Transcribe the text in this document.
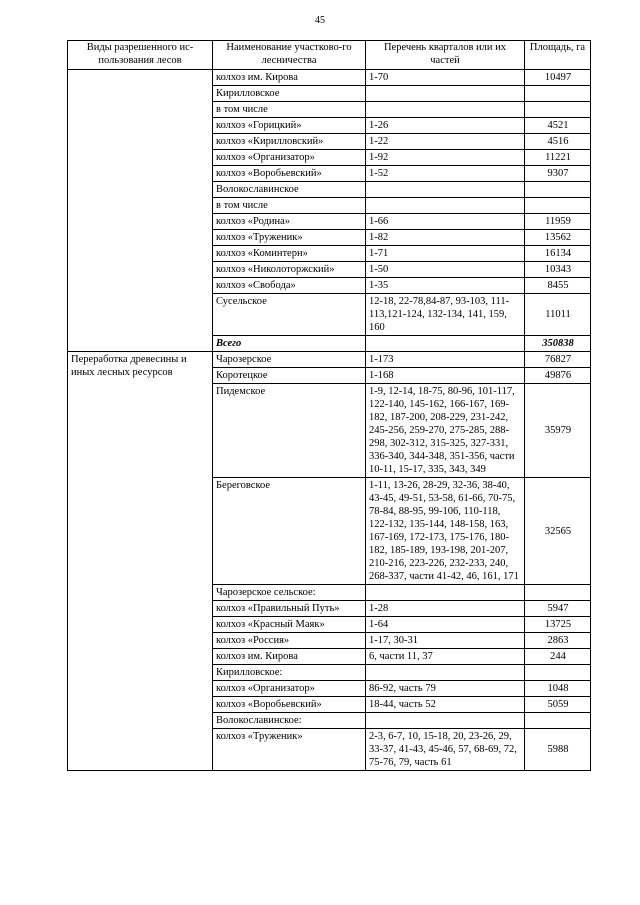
45
Виды разрешенного ис-пользования лесов	Наименование участково-го лесничества	Перечень кварталов или их частей	Площадь, га
	колхоз им. Кирова	1-70	10497
	Кирилловское		
	в том числе		
	колхоз «Горицкий»	1-26	4521
	колхоз «Кирилловский»	1-22	4516
	колхоз «Организатор»	1-92	11221
	колхоз «Воробьевский»	1-52	9307
	Волокославинское		
	в том числе		
	колхоз «Родина»	1-66	11959
	колхоз «Труженик»	1-82	13562
	колхоз «Коминтерн»	1-71	16134
	колхоз «Николоторжский»	1-50	10343
	колхоз «Свобода»	1-35	8455
	Сусельское	12-18, 22-78,84-87, 93-103, 111-113,121-124, 132-134, 141, 159, 160	11011
	Всего		350838
Переработка древесины и иных лесных ресурсов	Чарозерское	1-173	76827
	Коротецкое	1-168	49876
	Пидемское	1-9, 12-14, 18-75, 80-96, 101-117, 122-140, 145-162, 166-167, 169-182, 187-200, 208-229, 231-242, 245-256, 259-270, 275-285, 288-298, 302-312, 315-325, 327-331, 336-340, 344-348, 351-356, части 10-11, 15-17, 335, 343, 349	35979
	Береговское	1-11, 13-26, 28-29, 32-36, 38-40, 43-45, 49-51, 53-58, 61-66, 70-75, 78-84, 88-95, 99-106, 110-118, 122-132, 135-144, 148-158, 163, 167-169, 172-173, 175-176, 180-182, 185-189, 193-198, 201-207, 210-216, 223-226, 232-233, 240, 268-337, части 41-42, 46, 161, 171	32565
	Чарозерское сельское:		
	колхоз «Правильный Путь»	1-28	5947
	колхоз «Красный Маяк»	1-64	13725
	колхоз «Россия»	1-17, 30-31	2863
	колхоз им. Кирова	6, части 11, 37	244
	Кирилловское:		
	колхоз «Организатор»	86-92, часть 79	1048
	колхоз «Воробьевский»	18-44, часть 52	5059
	Волокославинское:		
	колхоз «Труженик»	2-3, 6-7, 10, 15-18, 20, 23-26, 29, 33-37, 41-43, 45-46, 57, 68-69, 72, 75-76, 79, часть 61	5988
